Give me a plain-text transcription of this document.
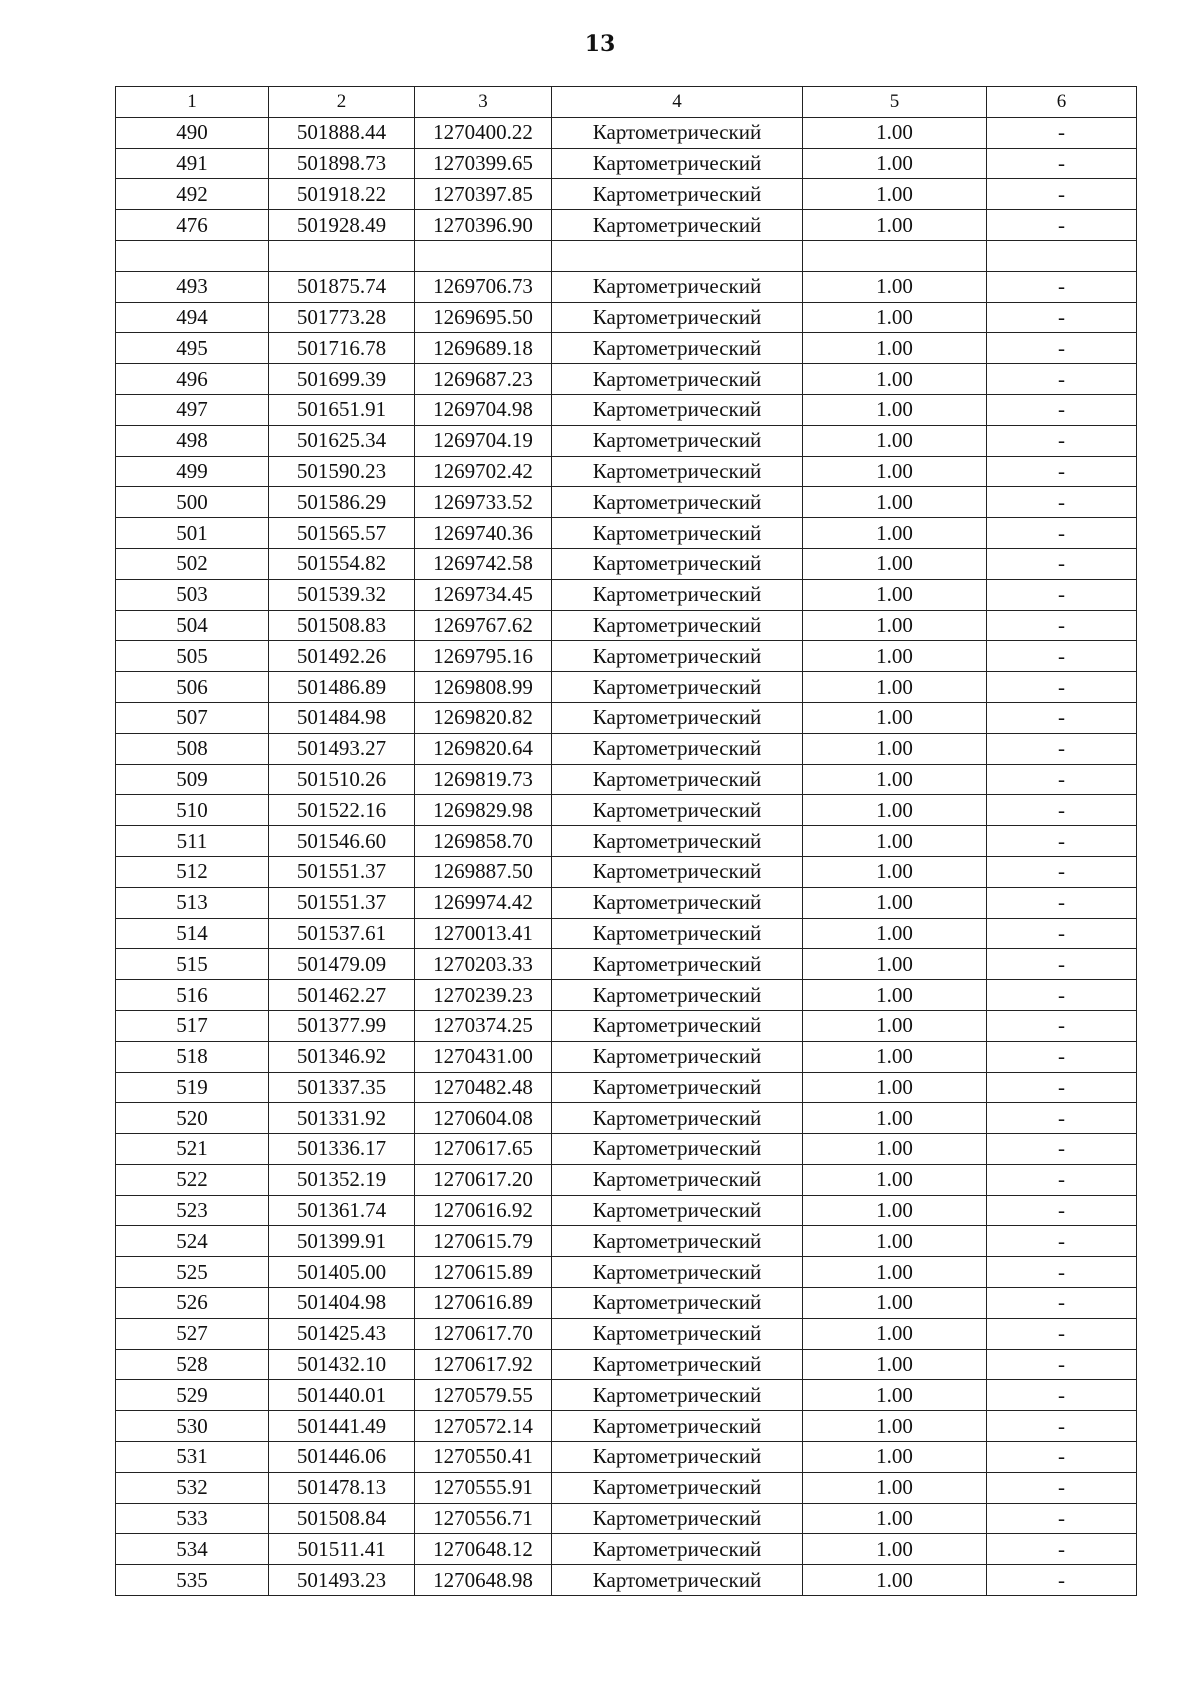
13
1	2	3	4	5	6
490	501888.44	1270400.22	Картометрический	1.00	-
491	501898.73	1270399.65	Картометрический	1.00	-
492	501918.22	1270397.85	Картометрический	1.00	-
476	501928.49	1270396.90	Картометрический	1.00	-

493	501875.74	1269706.73	Картометрический	1.00	-
494	501773.28	1269695.50	Картометрический	1.00	-
495	501716.78	1269689.18	Картометрический	1.00	-
496	501699.39	1269687.23	Картометрический	1.00	-
497	501651.91	1269704.98	Картометрический	1.00	-
498	501625.34	1269704.19	Картометрический	1.00	-
499	501590.23	1269702.42	Картометрический	1.00	-
500	501586.29	1269733.52	Картометрический	1.00	-
501	501565.57	1269740.36	Картометрический	1.00	-
502	501554.82	1269742.58	Картометрический	1.00	-
503	501539.32	1269734.45	Картометрический	1.00	-
504	501508.83	1269767.62	Картометрический	1.00	-
505	501492.26	1269795.16	Картометрический	1.00	-
506	501486.89	1269808.99	Картометрический	1.00	-
507	501484.98	1269820.82	Картометрический	1.00	-
508	501493.27	1269820.64	Картометрический	1.00	-
509	501510.26	1269819.73	Картометрический	1.00	-
510	501522.16	1269829.98	Картометрический	1.00	-
511	501546.60	1269858.70	Картометрический	1.00	-
512	501551.37	1269887.50	Картометрический	1.00	-
513	501551.37	1269974.42	Картометрический	1.00	-
514	501537.61	1270013.41	Картометрический	1.00	-
515	501479.09	1270203.33	Картометрический	1.00	-
516	501462.27	1270239.23	Картометрический	1.00	-
517	501377.99	1270374.25	Картометрический	1.00	-
518	501346.92	1270431.00	Картометрический	1.00	-
519	501337.35	1270482.48	Картометрический	1.00	-
520	501331.92	1270604.08	Картометрический	1.00	-
521	501336.17	1270617.65	Картометрический	1.00	-
522	501352.19	1270617.20	Картометрический	1.00	-
523	501361.74	1270616.92	Картометрический	1.00	-
524	501399.91	1270615.79	Картометрический	1.00	-
525	501405.00	1270615.89	Картометрический	1.00	-
526	501404.98	1270616.89	Картометрический	1.00	-
527	501425.43	1270617.70	Картометрический	1.00	-
528	501432.10	1270617.92	Картометрический	1.00	-
529	501440.01	1270579.55	Картометрический	1.00	-
530	501441.49	1270572.14	Картометрический	1.00	-
531	501446.06	1270550.41	Картометрический	1.00	-
532	501478.13	1270555.91	Картометрический	1.00	-
533	501508.84	1270556.71	Картометрический	1.00	-
534	501511.41	1270648.12	Картометрический	1.00	-
535	501493.23	1270648.98	Картометрический	1.00	-
